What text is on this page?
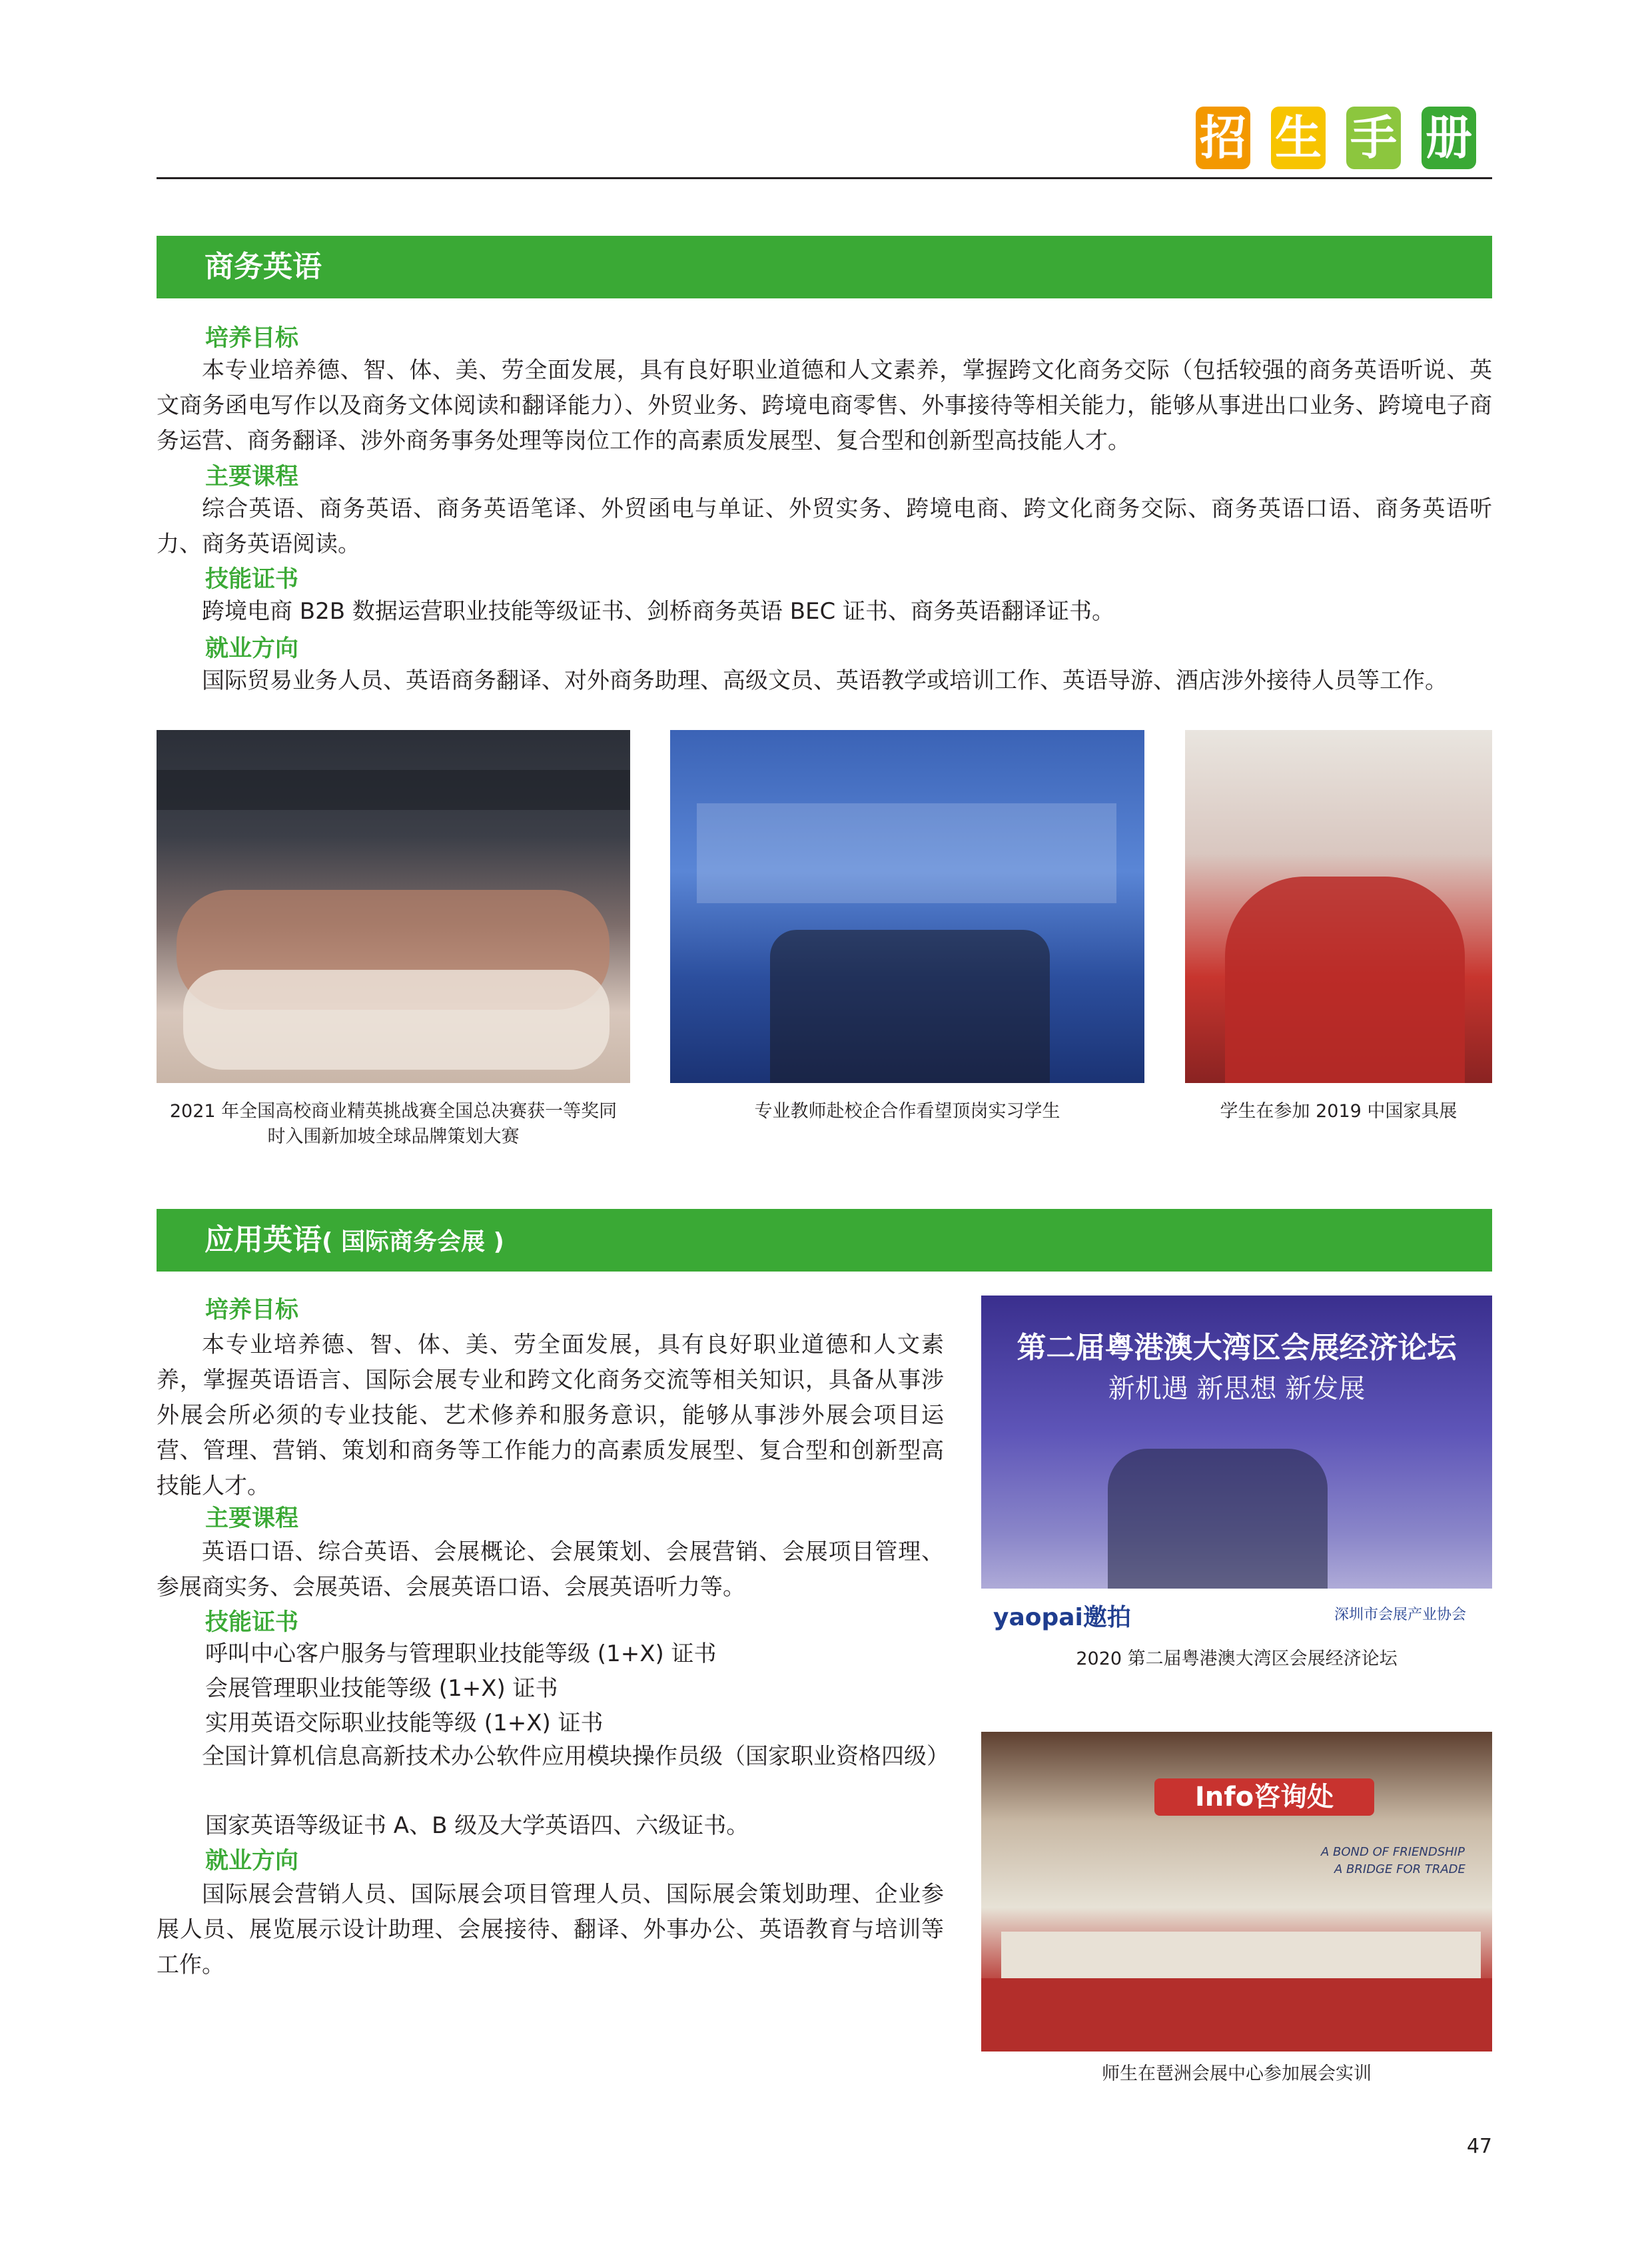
招 生 手 册
商务英语
培养目标
本专业培养德、智、体、美、劳全面发展，具有良好职业道德和人文素养，掌握跨文化商务交际（包括较强的商务英语听说、英文商务函电写作以及商务文体阅读和翻译能力）、外贸业务、跨境电商零售、外事接待等相关能力，能够从事进出口业务、跨境电子商务运营、商务翻译、涉外商务事务处理等岗位工作的高素质发展型、复合型和创新型高技能人才。
主要课程
综合英语、商务英语、商务英语笔译、外贸函电与单证、外贸实务、跨境电商、跨文化商务交际、商务英语口语、商务英语听力、商务英语阅读。
技能证书
跨境电商 B2B 数据运营职业技能等级证书、剑桥商务英语 BEC 证书、商务英语翻译证书。
就业方向
国际贸易业务人员、英语商务翻译、对外商务助理、高级文员、英语教学或培训工作、英语导游、酒店涉外接待人员等工作。
2021 年全国高校商业精英挑战赛全国总决赛获一等奖同
时入围新加坡全球品牌策划大赛
专业教师赴校企合作看望顶岗实习学生	学生在参加 2019 中国家具展
应用英语( 国际商务会展 )
培养目标
本专业培养德、智、体、美、劳全面发展，具有良好职业道德和人文素养，掌握英语语言、国际会展专业和跨文化商务交流等相关知识，具备从事涉外展会所必须的专业技能、艺术修养和服务意识，能够从事涉外展会项目运营、管理、营销、策划和商务等工作能力的高素质发展型、复合型和创新型高技能人才。
主要课程
英语口语、综合英语、会展概论、会展策划、会展营销、会展项目管理、参展商实务、会展英语、会展英语口语、会展英语听力等。
技能证书
呼叫中心客户服务与管理职业技能等级 (1+X) 证书
会展管理职业技能等级 (1+X) 证书
实用英语交际职业技能等级 (1+X) 证书
全国计算机信息高新技术办公软件应用模块操作员级（国家职业资格四级）
国家英语等级证书 A、B 级及大学英语四、六级证书。
就业方向
国际展会营销人员、国际展会项目管理人员、国际展会策划助理、企业参展人员、展览展示设计助理、会展接待、翻译、外事办公、英语教育与培训等工作。
第二届粤港澳大湾区会展经济论坛
新机遇 新思想 新发展
yaopai邀拍	深圳市会展产业协会
2020 第二届粤港澳大湾区会展经济论坛
Info咨询处
A BOND OF FRIENDSHIP
A BRIDGE FOR TRADE
师生在琶洲会展中心参加展会实训
47
